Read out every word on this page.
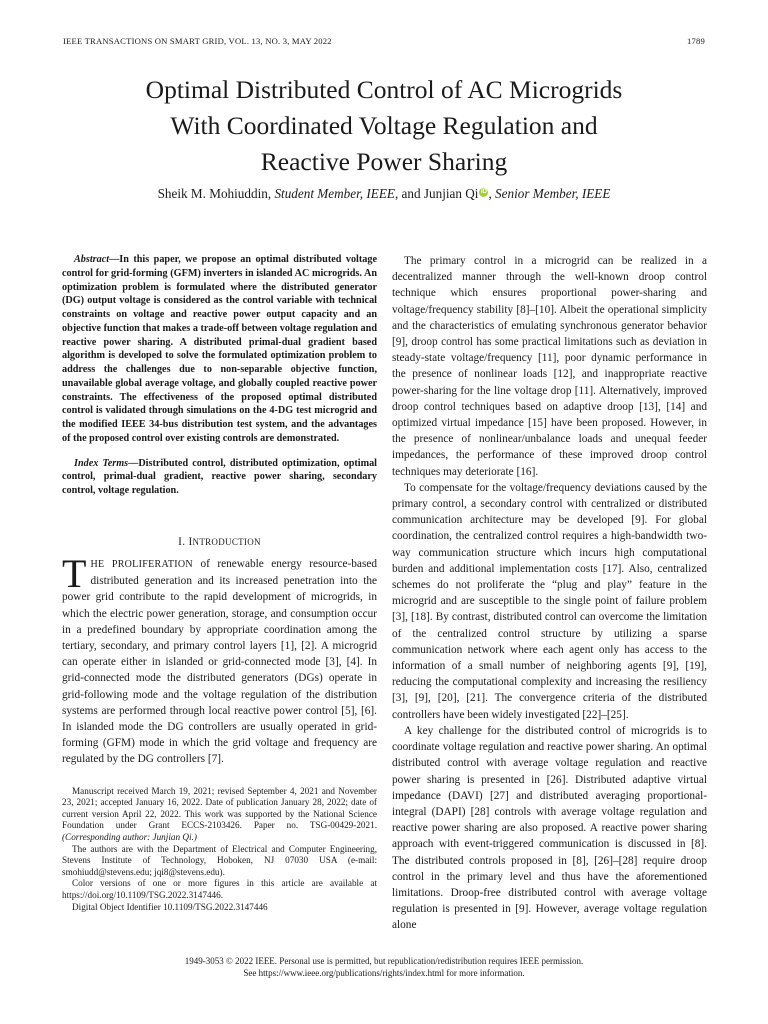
IEEE TRANSACTIONS ON SMART GRID, VOL. 13, NO. 3, MAY 2022	1789
Optimal Distributed Control of AC Microgrids
With Coordinated Voltage Regulation and
Reactive Power Sharing
Sheik M. Mohiuddin, Student Member, IEEE, and Junjian Qi iD , Senior Member, IEEE

Abstract—In this paper, we propose an optimal distributed voltage control for grid-forming (GFM) inverters in islanded AC microgrids. An optimization problem is formulated where the distributed generator (DG) output voltage is considered as the control variable with technical constraints on voltage and reactive power output capacity and an objective function that makes a trade-off between voltage regulation and reactive power sharing. A distributed primal-dual gradient based algorithm is developed to solve the formulated optimization problem to address the challenges due to non-separable objective function, unavailable global average voltage, and globally coupled reactive power constraints. The effectiveness of the proposed optimal distributed control is validated through simulations on the 4-DG test microgrid and the modified IEEE 34-bus distribution test system, and the advantages of the proposed control over existing controls are demonstrated.

Index Terms—Distributed control, distributed optimization, optimal control, primal-dual gradient, reactive power sharing, secondary control, voltage regulation.

I. INTRODUCTION

THE PROLIFERATION of renewable energy resource-based distributed generation and its increased penetration into the power grid contribute to the rapid development of microgrids, in which the electric power generation, storage, and consumption occur in a predefined boundary by appropriate coordination among the tertiary, secondary, and primary control layers [1], [2]. A microgrid can operate either in islanded or grid-connected mode [3], [4]. In grid-connected mode the distributed generators (DGs) operate in grid-following mode and the voltage regulation of the distribution systems are performed through local reactive power control [5], [6]. In islanded mode the DG controllers are usually operated in grid-forming (GFM) mode in which the grid voltage and frequency are regulated by the DG controllers [7].

Manuscript received March 19, 2021; revised September 4, 2021 and November 23, 2021; accepted January 16, 2022. Date of publication January 28, 2022; date of current version April 22, 2022. This work was supported by the National Science Foundation under Grant ECCS-2103426. Paper no. TSG-00429-2021. (Corresponding author: Junjian Qi.)

The authors are with the Department of Electrical and Computer Engineering, Stevens Institute of Technology, Hoboken, NJ 07030 USA (e-mail: smohiudd@stevens.edu; jqi8@stevens.edu).

Color versions of one or more figures in this article are available at https://doi.org/10.1109/TSG.2022.3147446.

Digital Object Identifier 10.1109/TSG.2022.3147446

The primary control in a microgrid can be realized in a decentralized manner through the well-known droop control technique which ensures proportional power-sharing and voltage/frequency stability [8]–[10]. Albeit the operational simplicity and the characteristics of emulating synchronous generator behavior [9], droop control has some practical limitations such as deviation in steady-state voltage/frequency [11], poor dynamic performance in the presence of nonlinear loads [12], and inappropriate reactive power-sharing for the line voltage drop [11]. Alternatively, improved droop control techniques based on adaptive droop [13], [14] and optimized virtual impedance [15] have been proposed. However, in the presence of nonlinear/unbalance loads and unequal feeder impedances, the performance of these improved droop control techniques may deteriorate [16].

To compensate for the voltage/frequency deviations caused by the primary control, a secondary control with centralized or distributed communication architecture may be developed [9]. For global coordination, the centralized control requires a high-bandwidth two-way communication structure which incurs high computational burden and additional implementation costs [17]. Also, centralized schemes do not proliferate the “plug and play” feature in the microgrid and are susceptible to the single point of failure problem [3], [18]. By contrast, distributed control can overcome the limitation of the centralized control structure by utilizing a sparse communication network where each agent only has access to the information of a small number of neighboring agents [9], [19], reducing the computational complexity and increasing the resiliency [3], [9], [20], [21]. The convergence criteria of the distributed controllers have been widely investigated [22]–[25].

A key challenge for the distributed control of microgrids is to coordinate voltage regulation and reactive power sharing. An optimal distributed control with average voltage regulation and reactive power sharing is presented in [26]. Distributed adaptive virtual impedance (DAVI) [27] and distributed averaging proportional-integral (DAPI) [28] controls with average voltage regulation and reactive power sharing are also proposed. A reactive power sharing approach with event-triggered communication is discussed in [8]. The distributed controls proposed in [8], [26]–[28] require droop control in the primary level and thus have the aforementioned limitations. Droop-free distributed control with average voltage regulation is presented in [9]. However, average voltage regulation alone

1949-3053 © 2022 IEEE. Personal use is permitted, but republication/redistribution requires IEEE permission.
See https://www.ieee.org/publications/rights/index.html for more information.
